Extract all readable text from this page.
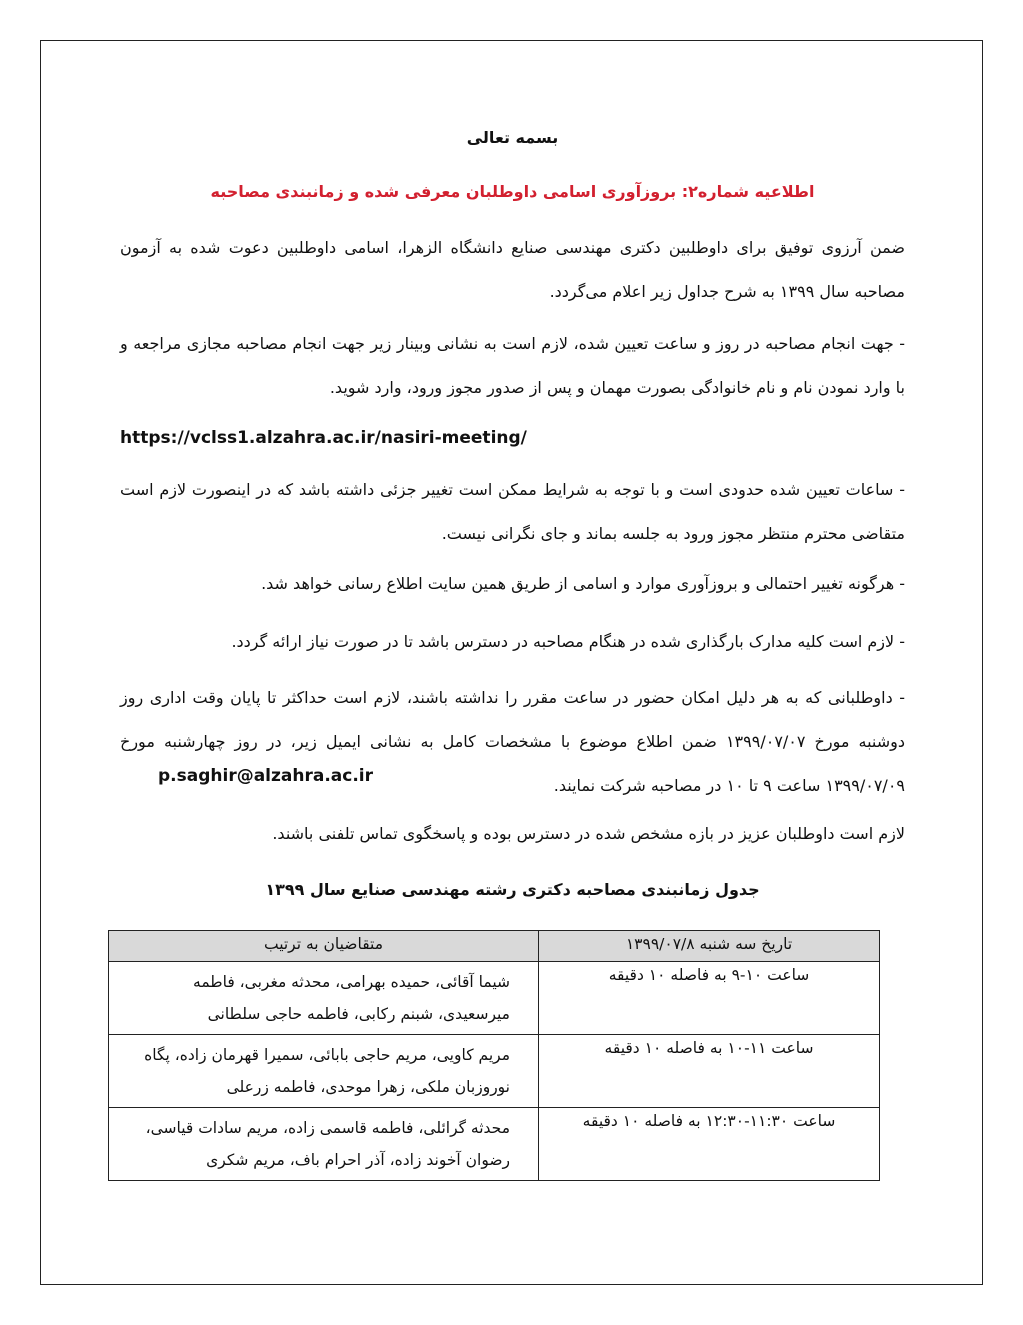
بسمه تعالی
اطلاعیه شماره۲: بروزآوری اسامی داوطلبان معرفی شده و زمانبندی مصاحبه
ضمن آرزوی توفیق برای داوطلبین دکتری مهندسی صنایع دانشگاه الزهرا، اسامی داوطلبین دعوت شده به آزمون مصاحبه سال ۱۳۹۹ به شرح جداول زیر اعلام می‌گردد.
- جهت انجام مصاحبه در روز و ساعت تعیین شده، لازم است به نشانی وبینار زیر جهت انجام مصاحبه مجازی مراجعه و با وارد نمودن نام و نام خانوادگی بصورت مهمان و پس از صدور مجوز ورود، وارد شوید.
https://vclss1.alzahra.ac.ir/nasiri-meeting/
- ساعات تعیین شده حدودی است و با توجه به شرایط ممکن است تغییر جزئی داشته باشد که در اینصورت لازم است متقاضی محترم منتظر مجوز ورود به جلسه بماند و جای نگرانی نیست.
- هرگونه تغییر احتمالی و بروزآوری موارد و اسامی از طریق همین سایت اطلاع رسانی خواهد شد.
- لازم است کلیه مدارک بارگذاری شده در هنگام مصاحبه در دسترس باشد تا در صورت نیاز ارائه گردد.
- داوطلبانی که به هر دلیل امکان حضور در ساعت مقرر را نداشته باشند، لازم است حداکثر تا پایان وقت اداری روز دوشنبه مورخ ۱۳۹۹/۰۷/۰۷ ضمن اطلاع موضوع با مشخصات کامل به نشانی ایمیل زیر، در روز چهارشنبه مورخ ۱۳۹۹/۰۷/۰۹ ساعت ۹ تا ۱۰ در مصاحبه شرکت نمایند.
p.saghir@alzahra.ac.ir
لازم است داوطلبان عزیز در بازه مشخص شده در دسترس بوده و پاسخگوی تماس تلفنی باشند.
جدول زمانبندی مصاحبه دکتری رشته مهندسی صنایع سال ۱۳۹۹
تاریخ سه شنبه ۱۳۹۹/۰۷/۸	متقاضیان به ترتیب
ساعت ۱۰-۹ به فاصله ۱۰ دقیقه	شیما آقائی، حمیده بهرامی، محدثه مغربی، فاطمه میرسعیدی، شبنم رکابی، فاطمه حاجی سلطانی
ساعت ۱۱-۱۰ به فاصله ۱۰ دقیقه	مریم کاویی، مریم حاجی بابائی، سمیرا قهرمان زاده، پگاه نوروزبان ملکی، زهرا موحدی، فاطمه زرعلی
ساعت ۱۱:۳۰-۱۲:۳۰ به فاصله ۱۰ دقیقه	محدثه گرائلی، فاطمه قاسمی زاده، مریم سادات قیاسی، رضوان آخوند زاده، آذر احرام باف، مریم شکری
